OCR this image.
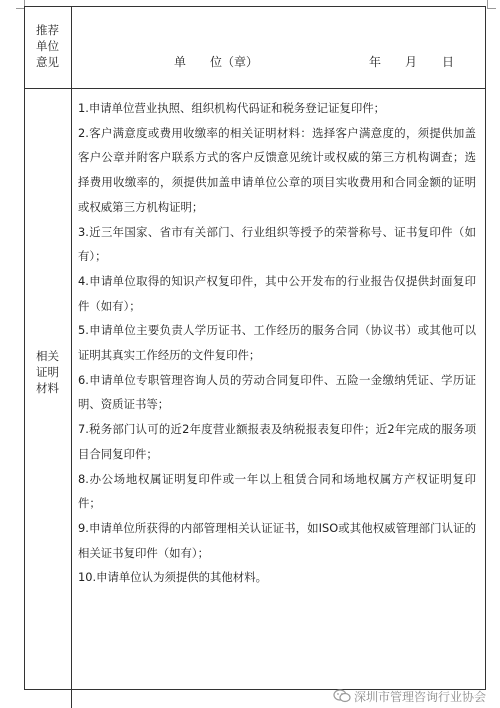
推荐
单位
意见	单　　位（章）	年 月 日
相关
证明
材料
1.申请单位营业执照、组织机构代码证和税务登记证复印件；
2.客户满意度或费用收缴率的相关证明材料：选择客户满意度的，须提供加盖客户公章并附客户联系方式的客户反馈意见统计或权威的第三方机构调查；选择费用收缴率的，须提供加盖申请单位公章的项目实收费用和合同金额的证明或权威第三方机构证明；
3.近三年国家、省市有关部门、行业组织等授予的荣誉称号、证书复印件（如有）；
4.申请单位取得的知识产权复印件，其中公开发布的行业报告仅提供封面复印件（如有）；
5.申请单位主要负责人学历证书、工作经历的服务合同（协议书）或其他可以证明其真实工作经历的文件复印件；
6.申请单位专职管理咨询人员的劳动合同复印件、五险一金缴纳凭证、学历证明、资质证书等；
7.税务部门认可的近2年度营业额报表及纳税报表复印件；近2年完成的服务项目合同复印件；
8.办公场地权属证明复印件或一年以上租赁合同和场地权属方产权证明复印件；
9.申请单位所获得的内部管理相关认证证书，如ISO或其他权威管理部门认证的相关证书复印件（如有）；
10.申请单位认为须提供的其他材料。
深圳市管理咨询行业协会
